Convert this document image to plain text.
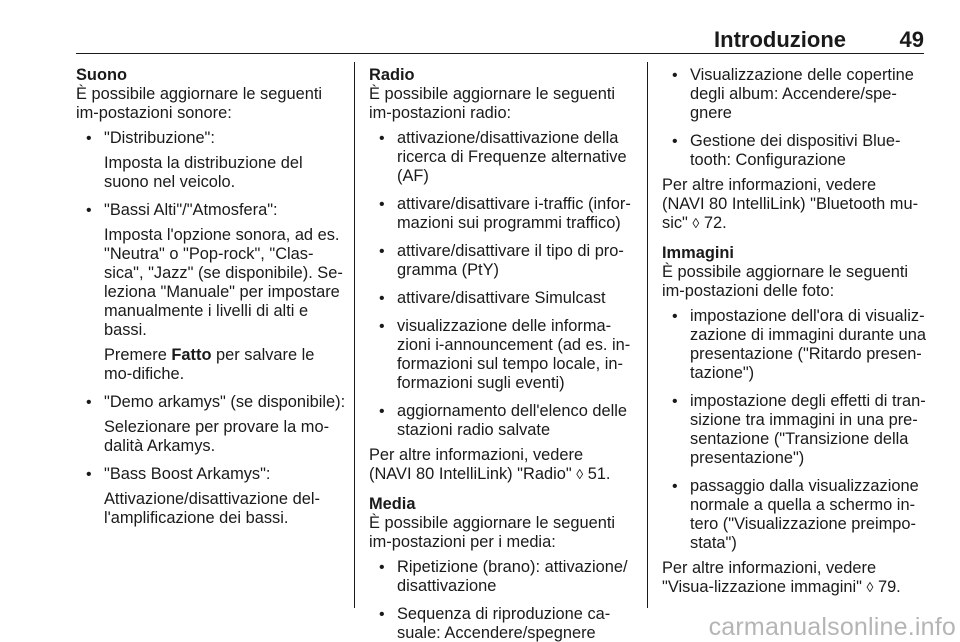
Introduzione 49
Suono
È possibile aggiornare le seguenti im-postazioni sonore:
• "Distribuzione":
Imposta la distribuzione del suono nel veicolo.
• "Bassi Alti"/"Atmosfera":
Imposta l'opzione sonora, ad es. "Neutra" o "Pop-rock", "Clas-sica", "Jazz" (se disponibile). Se-leziona "Manuale" per impostare manualmente i livelli di alti e bassi.
Premere Fatto per salvare le mo-difiche.
• "Demo arkamys" (se disponibile):
Selezionare per provare la mo-dalità Arkamys.
• "Bass Boost Arkamys":
Attivazione/disattivazione del-l'amplificazione dei bassi.
Radio
È possibile aggiornare le seguenti im-postazioni radio:
• attivazione/disattivazione della ricerca di Frequenze alternative (AF)
• attivare/disattivare i-traffic (infor-mazioni sui programmi traffico)
• attivare/disattivare il tipo di pro-gramma (PtY)
• attivare/disattivare Simulcast
• visualizzazione delle informa-zioni i-announcement (ad es. in-formazioni sul tempo locale, in-formazioni sugli eventi)
• aggiornamento dell'elenco delle stazioni radio salvate
Per altre informazioni, vedere
(NAVI 80 IntelliLink) "Radio" ◊ 51.
Media
È possibile aggiornare le seguenti im-postazioni per i media:
• Ripetizione (brano): attivazione/ disattivazione
• Sequenza di riproduzione ca-suale: Accendere/spegnere
• Visualizzazione delle copertine degli album: Accendere/spe-gnere
• Gestione dei dispositivi Blue-tooth: Configurazione
Per altre informazioni, vedere
(NAVI 80 IntelliLink) "Bluetooth mu-sic" ◊ 72.
Immagini
È possibile aggiornare le seguenti im-postazioni delle foto:
• impostazione dell'ora di visualiz-zazione di immagini durante una presentazione ("Ritardo presen-tazione")
• impostazione degli effetti di tran-sizione tra immagini in una pre-sentazione ("Transizione della presentazione")
• passaggio dalla visualizzazione normale a quella a schermo in-tero ("Visualizzazione preimpo-stata")
Per altre informazioni, vedere "Visua-lizzazione immagini" ◊ 79.
carmanualsonline.info
